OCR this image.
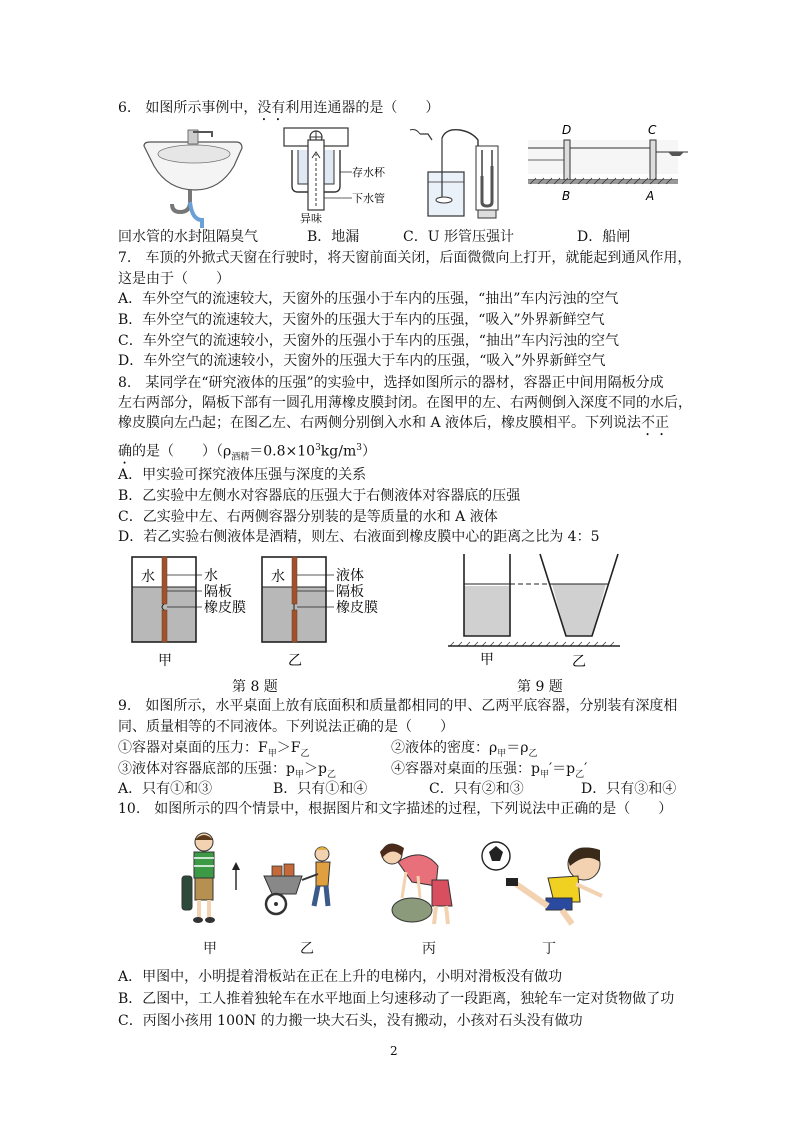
6.　如图所示事例中，没有利用连通器的是（　　）
存水杯
下水管
异味
D	C
B	A
回水管的水封阻隔臭气	B．地漏	C．U 形管压强计	D．船闸
7.　车顶的外掀式天窗在行驶时，将天窗前面关闭，后面微微向上打开，就能起到通风作用，
这是由于（　　）
A．车外空气的流速较大，天窗外的压强小于车内的压强，“抽出”车内污浊的空气
B．车外空气的流速较大，天窗外的压强大于车内的压强，“吸入”外界新鲜空气
C．车外空气的流速较小，天窗外的压强小于车内的压强，“抽出”车内污浊的空气
D．车外空气的流速较小，天窗外的压强大于车内的压强，“吸入”外界新鲜空气
8.　某同学在“研究液体的压强”的实验中，选择如图所示的器材，容器正中间用隔板分成
左右两部分，隔板下部有一圆孔用薄橡皮膜封闭。在图甲的左、右两侧倒入深度不同的水后，
橡皮膜向左凸起；在图乙左、右两侧分别倒入水和 A 液体后，橡皮膜相平。下列说法不正
确的是（　　）$(\rho_{酒精}=0.8\times 10^3kg/m^3)$
A．甲实验可探究液体压强与深度的关系
B．乙实验中左侧水对容器底的压强大于右侧液体对容器底的压强
C．乙实验中左、右两侧容器分别装的是等质量的水和 A 液体
D．若乙实验右侧液体是酒精，则左、右液面到橡皮膜中心的距离之比为 4：5
水	水
隔板
橡皮膜
甲
水	液体
隔板
橡皮膜
乙
第 8 题
甲	乙
第 9 题
9.　如图所示，水平桌面上放有底面积和质量都相同的甲、乙两平底容器，分别装有深度相
同、质量相等的不同液体。下列说法正确的是（　　）
①容器对桌面的压力：$F_甲>F_乙$	②液体的密度：$\rho_甲=\rho_乙$
③液体对容器底部的压强：$p_甲>p_乙$	④容器对桌面的压强：$p_甲'=p_乙'$
A．只有①和③	B．只有①和④	C．只有②和③	D．只有③和④
10.　如图所示的四个情景中，根据图片和文字描述的过程，下列说法中正确的是（　　）
甲	乙	丙	丁
A．甲图中，小明提着滑板站在正在上升的电梯内，小明对滑板没有做功
B．乙图中，工人推着独轮车在水平地面上匀速移动了一段距离，独轮车一定对货物做了功
C．丙图小孩用 100N 的力搬一块大石头，没有搬动，小孩对石头没有做功
2
